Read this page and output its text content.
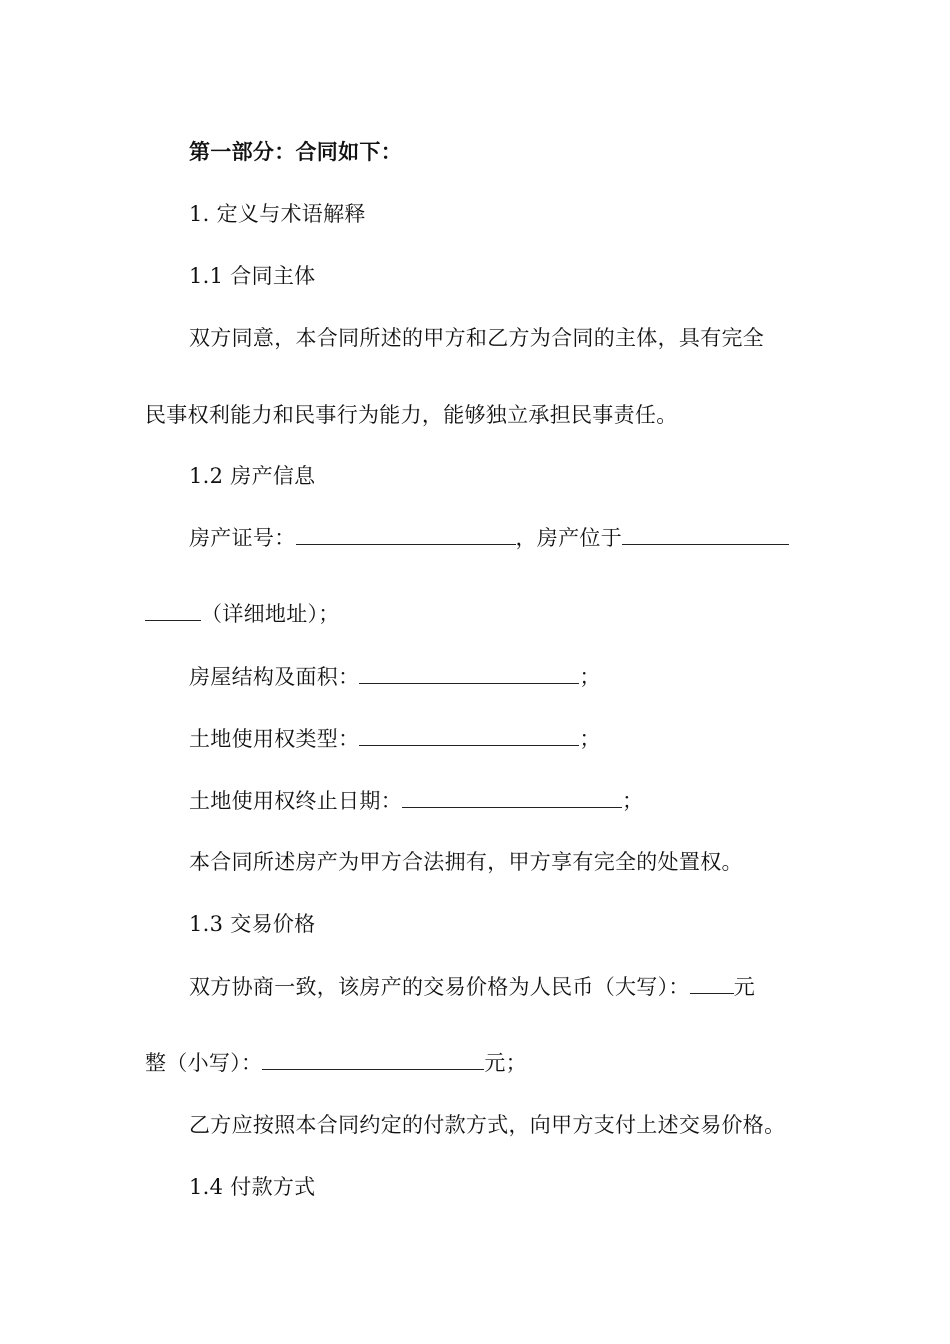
第一部分：合同如下：
1. 定义与术语解释
1.1 合同主体
双方同意，本合同所述的甲方和乙方为合同的主体，具有完全
民事权利能力和民事行为能力，能够独立承担民事责任。
1.2 房产信息
房产证号：	，房产位于
（详细地址）；
房屋结构及面积：	；
土地使用权类型：	；
土地使用权终止日期：	；
本合同所述房产为甲方合法拥有，甲方享有完全的处置权。
1.3 交易价格
双方协商一致，该房产的交易价格为人民币（大写）： 元
整（小写）：	元；
乙方应按照本合同约定的付款方式，向甲方支付上述交易价格。
1.4 付款方式
